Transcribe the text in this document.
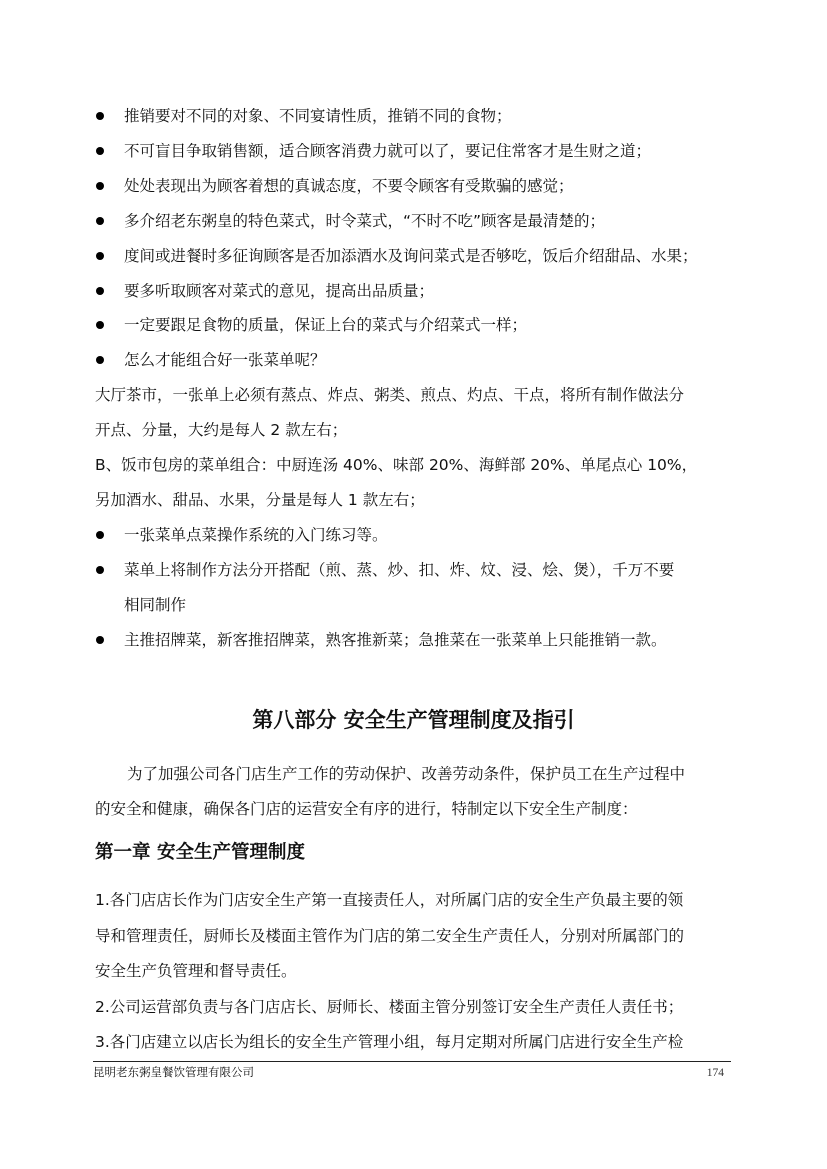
推销要对不同的对象、不同宴请性质，推销不同的食物；
不可盲目争取销售额，适合顾客消费力就可以了，要记住常客才是生财之道；
处处表现出为顾客着想的真诚态度，不要令顾客有受欺骗的感觉；
多介绍老东粥皇的特色菜式，时令菜式，“不时不吃”顾客是最清楚的；
度间或进餐时多征询顾客是否加添酒水及询问菜式是否够吃，饭后介绍甜品、水果；
要多听取顾客对菜式的意见，提高出品质量；
一定要跟足食物的质量，保证上台的菜式与介绍菜式一样；
怎么才能组合好一张菜单呢？
大厅茶市，一张单上必须有蒸点、炸点、粥类、煎点、灼点、干点，将所有制作做法分
开点、分量，大约是每人 2 款左右；
B、饭市包房的菜单组合：中厨连汤 40%、味部 20%、海鲜部 20%、单尾点心 10%，
另加酒水、甜品、水果，分量是每人 1 款左右；
一张菜单点菜操作系统的入门练习等。
菜单上将制作方法分开搭配（煎、蒸、炒、扣、炸、炆、浸、烩、煲），千万不要
相同制作
主推招牌菜，新客推招牌菜，熟客推新菜；急推菜在一张菜单上只能推销一款。
第八部分 安全生产管理制度及指引
为了加强公司各门店生产工作的劳动保护、改善劳动条件，保护员工在生产过程中
的安全和健康，确保各门店的运营安全有序的进行，特制定以下安全生产制度：
第一章 安全生产管理制度
1.各门店店长作为门店安全生产第一直接责任人，对所属门店的安全生产负最主要的领
导和管理责任，厨师长及楼面主管作为门店的第二安全生产责任人，分别对所属部门的
安全生产负管理和督导责任。
2.公司运营部负责与各门店店长、厨师长、楼面主管分别签订安全生产责任人责任书；
3.各门店建立以店长为组长的安全生产管理小组，每月定期对所属门店进行安全生产检
昆明老东粥皇餐饮管理有限公司	174
